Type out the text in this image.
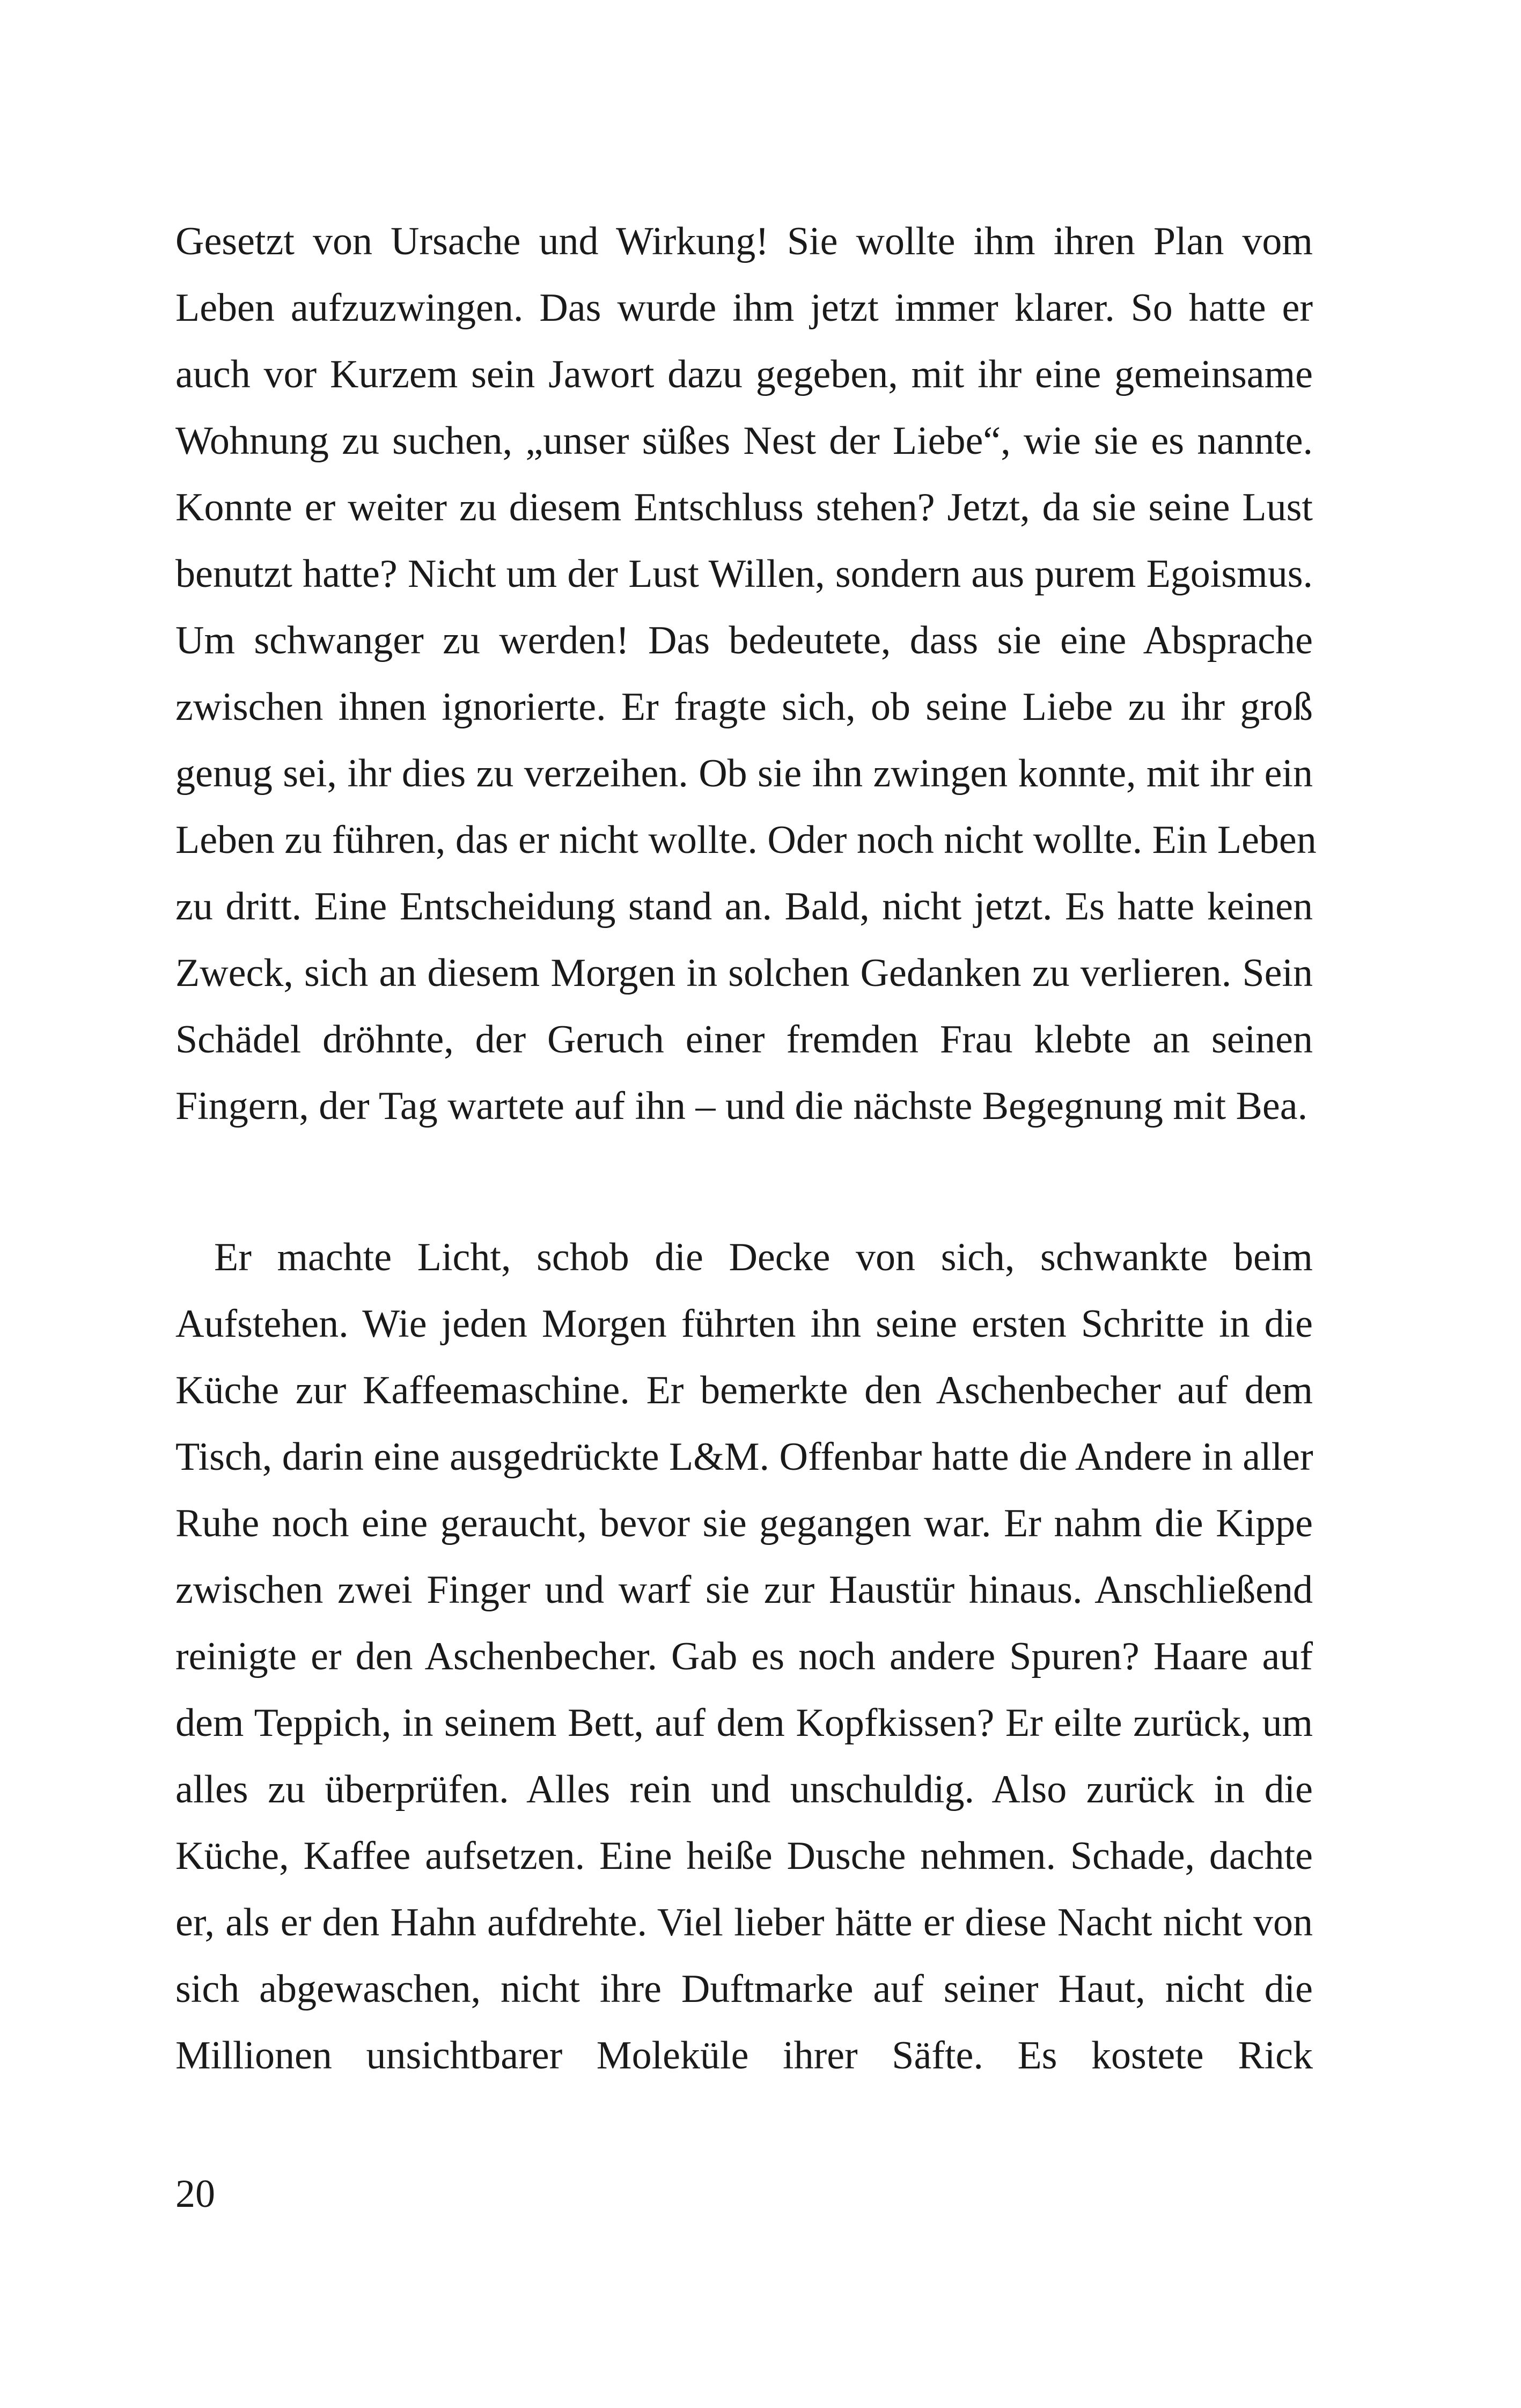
Gesetzt von Ursache und Wirkung! Sie wollte ihm ihren Plan vom
Leben aufzuzwingen. Das wurde ihm jetzt immer klarer. So hatte er
auch vor Kurzem sein Jawort dazu gegeben, mit ihr eine gemeinsame
Wohnung zu suchen, „unser süßes Nest der Liebe“, wie sie es nannte.
Konnte er weiter zu diesem Entschluss stehen? Jetzt, da sie seine Lust
benutzt hatte? Nicht um der Lust Willen, sondern aus purem Egoismus.
Um schwanger zu werden! Das bedeutete, dass sie eine Absprache
zwischen ihnen ignorierte. Er fragte sich, ob seine Liebe zu ihr groß
genug sei, ihr dies zu verzeihen. Ob sie ihn zwingen konnte, mit ihr ein
Leben zu führen, das er nicht wollte. Oder noch nicht wollte. Ein Leben
zu dritt. Eine Entscheidung stand an. Bald, nicht jetzt. Es hatte keinen
Zweck, sich an diesem Morgen in solchen Gedanken zu verlieren. Sein
Schädel dröhnte, der Geruch einer fremden Frau klebte an seinen
Fingern, der Tag wartete auf ihn – und die nächste Begegnung mit Bea.
Er machte Licht, schob die Decke von sich, schwankte beim
Aufstehen. Wie jeden Morgen führten ihn seine ersten Schritte in die
Küche zur Kaffeemaschine. Er bemerkte den Aschenbecher auf dem
Tisch, darin eine ausgedrückte L&M. Offenbar hatte die Andere in aller
Ruhe noch eine geraucht, bevor sie gegangen war. Er nahm die Kippe
zwischen zwei Finger und warf sie zur Haustür hinaus. Anschließend
reinigte er den Aschenbecher. Gab es noch andere Spuren? Haare auf
dem Teppich, in seinem Bett, auf dem Kopfkissen? Er eilte zurück, um
alles zu überprüfen. Alles rein und unschuldig. Also zurück in die
Küche, Kaffee aufsetzen. Eine heiße Dusche nehmen. Schade, dachte
er, als er den Hahn aufdrehte. Viel lieber hätte er diese Nacht nicht von
sich abgewaschen, nicht ihre Duftmarke auf seiner Haut, nicht die
Millionen unsichtbarer Moleküle ihrer Säfte. Es kostete Rick
20
